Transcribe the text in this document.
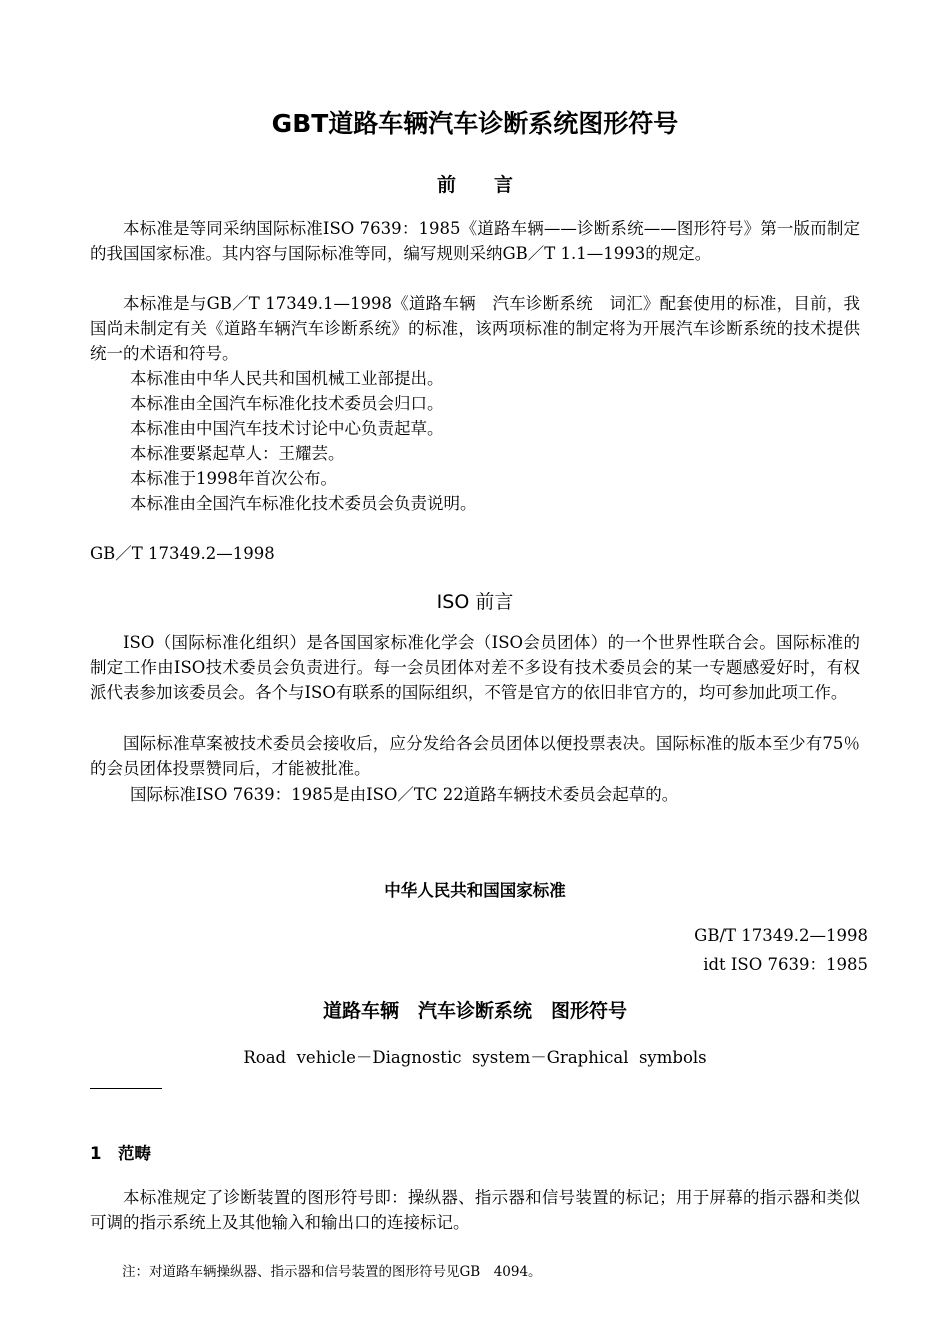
GBT道路车辆汽车诊断系统图形符号
前　　言
本标准是等同采纳国际标准ISO 7639：1985《道路车辆——诊断系统——图形符号》第一版而制定的我国国家标准。其内容与国际标准等同，编写规则采纳GB／T 1.1—1993的规定。
本标准是与GB／T 17349.1—1998《道路车辆　汽车诊断系统　词汇》配套使用的标准，目前，我国尚未制定有关《道路车辆汽车诊断系统》的标准，该两项标准的制定将为开展汽车诊断系统的技术提供统一的术语和符号。
本标准由中华人民共和国机械工业部提出。
本标准由全国汽车标准化技术委员会归口。
本标准由中国汽车技术讨论中心负责起草。
本标准要紧起草人：王耀芸。
本标准于1998年首次公布。
本标准由全国汽车标准化技术委员会负责说明。
GB／T 17349.2—1998
ISO 前言
ISO（国际标准化组织）是各国国家标准化学会（ISO会员团体）的一个世界性联合会。国际标准的制定工作由ISO技术委员会负责进行。每一会员团体对差不多设有技术委员会的某一专题感爱好时，有权派代表参加该委员会。各个与ISO有联系的国际组织，不管是官方的依旧非官方的，均可参加此项工作。
国际标准草案被技术委员会接收后，应分发给各会员团体以便投票表决。国际标准的版本至少有75％的会员团体投票赞同后，才能被批准。
国际标准ISO 7639：1985是由ISO／TC 22道路车辆技术委员会起草的。
中华人民共和国国家标准
GB/T 17349.2—1998
idt ISO 7639：1985
道路车辆　汽车诊断系统　图形符号
Road  vehicle－Diagnostic  system－Graphical  symbols
1　范畴
本标准规定了诊断装置的图形符号即：操纵器、指示器和信号装置的标记；用于屏幕的指示器和类似可调的指示系统上及其他输入和输出口的连接标记。
注：对道路车辆操纵器、指示器和信号装置的图形符号见GB　4094。
